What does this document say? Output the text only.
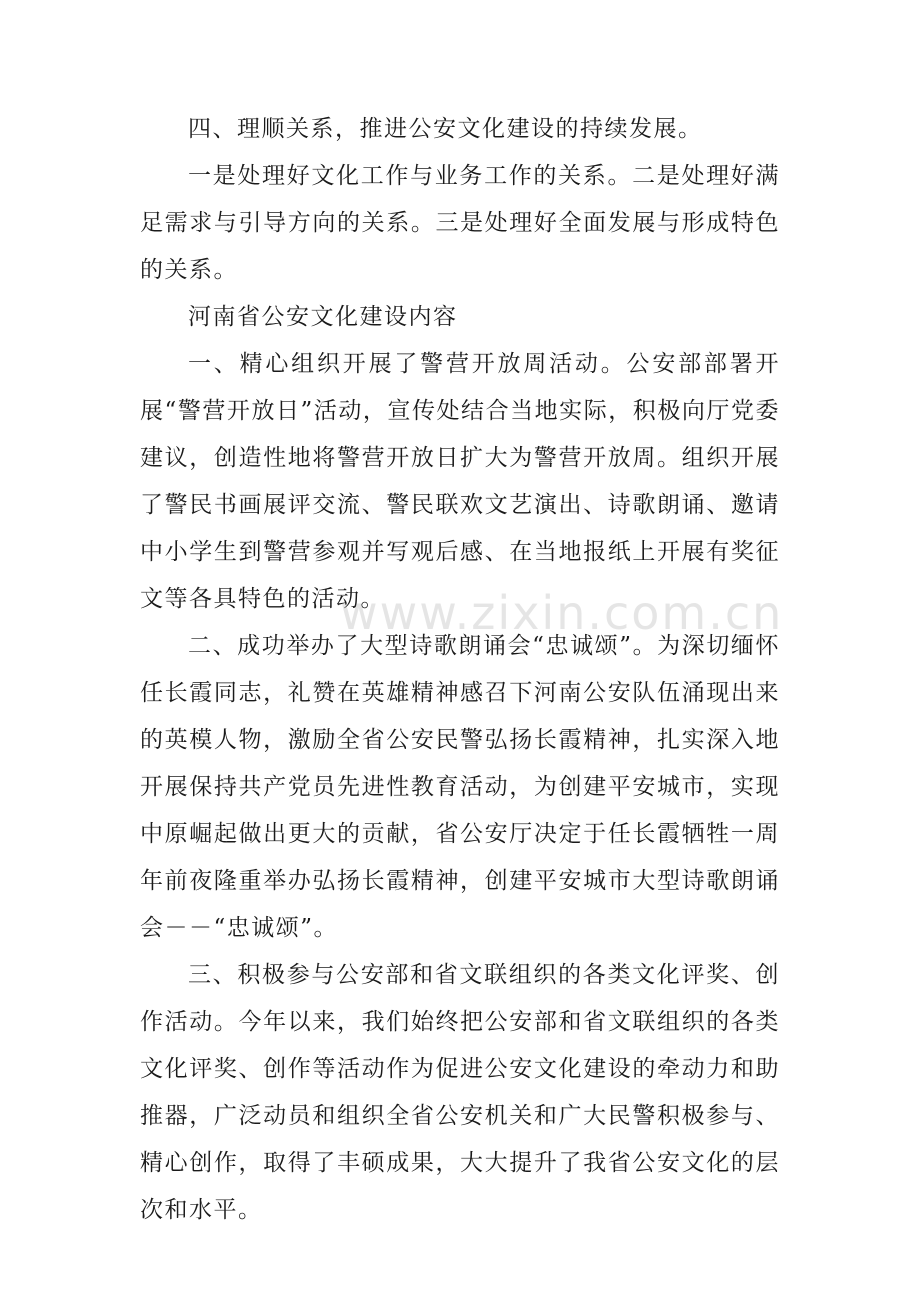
四、理顺关系，推进公安文化建设的持续发展。

一是处理好文化工作与业务工作的关系。二是处理好满足需求与引导方向的关系。三是处理好全面发展与形成特色的关系。

河南省公安文化建设内容

一、精心组织开展了警营开放周活动。公安部部署开展“警营开放日”活动，宣传处结合当地实际，积极向厅党委建议，创造性地将警营开放日扩大为警营开放周。组织开展了警民书画展评交流、警民联欢文艺演出、诗歌朗诵、邀请中小学生到警营参观并写观后感、在当地报纸上开展有奖征文等各具特色的活动。

二、成功举办了大型诗歌朗诵会“忠诚颂”。为深切缅怀任长霞同志，礼赞在英雄精神感召下河南公安队伍涌现出来的英模人物，激励全省公安民警弘扬长霞精神，扎实深入地开展保持共产党员先进性教育活动，为创建平安城市，实现中原崛起做出更大的贡献，省公安厅决定于任长霞牺牲一周年前夜隆重举办弘扬长霞精神，创建平安城市大型诗歌朗诵会－－“忠诚颂”。

三、积极参与公安部和省文联组织的各类文化评奖、创作活动。今年以来，我们始终把公安部和省文联组织的各类文化评奖、创作等活动作为促进公安文化建设的牵动力和助推器，广泛动员和组织全省公安机关和广大民警积极参与、精心创作，取得了丰硕成果，大大提升了我省公安文化的层次和水平。

www.zixin.com.cn
